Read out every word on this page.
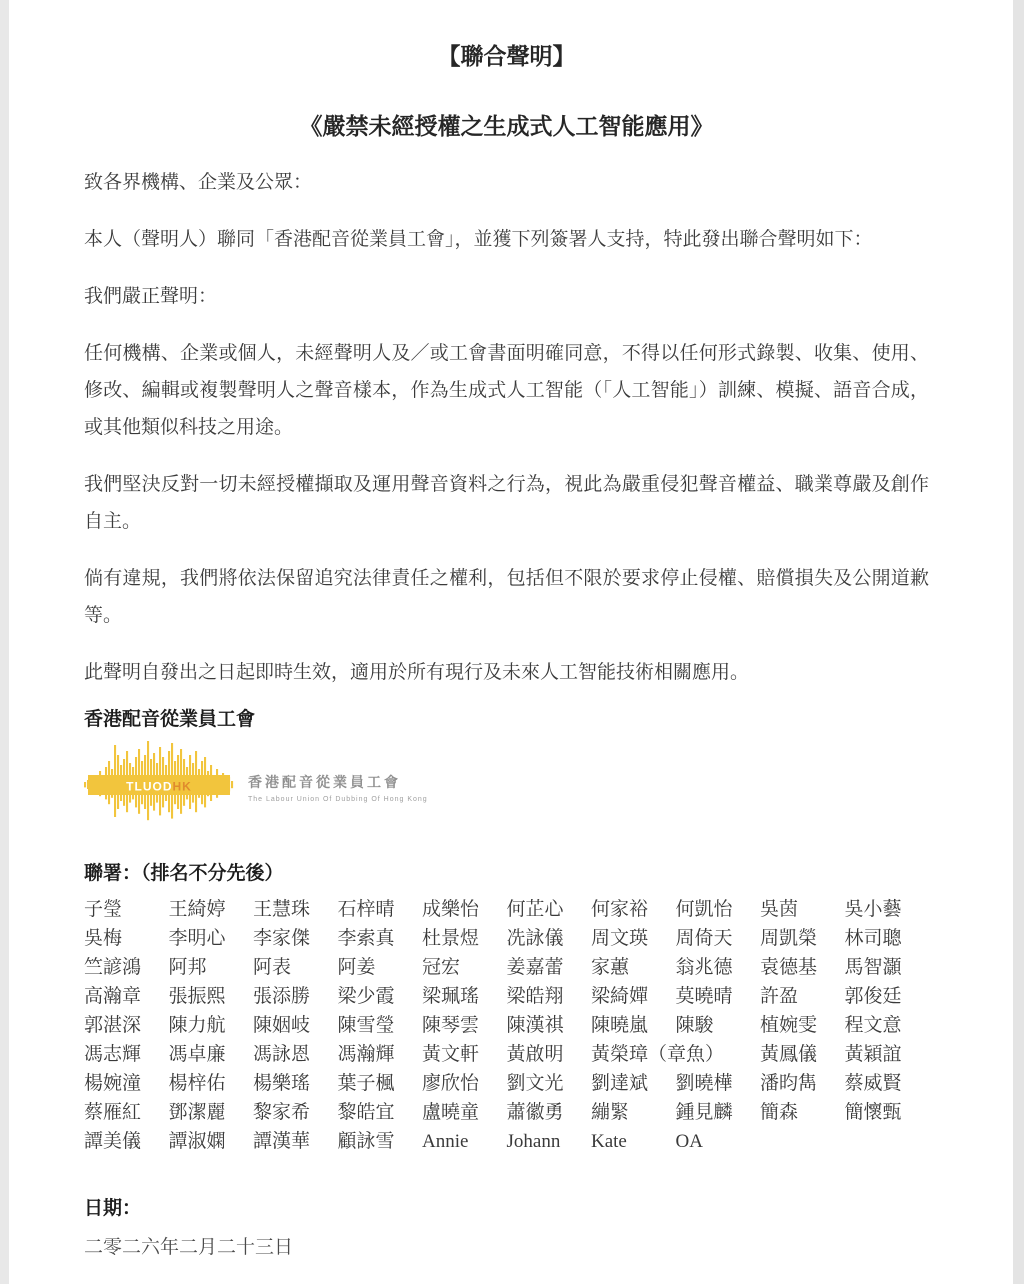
【聯合聲明】
《嚴禁未經授權之生成式人工智能應用》

致各界機構、企業及公眾：

本人（聲明人）聯同「香港配音從業員工會」，並獲下列簽署人支持，特此發出聯合聲明如下：

我們嚴正聲明：

任何機構、企業或個人，未經聲明人及／或工會書面明確同意，不得以任何形式錄製、收集、使用、修改、編輯或複製聲明人之聲音樣本，作為生成式人工智能（「人工智能」）訓練、模擬、語音合成，或其他類似科技之用途。

我們堅決反對一切未經授權擷取及運用聲音資料之行為，視此為嚴重侵犯聲音權益、職業尊嚴及創作自主。

倘有違規，我們將依法保留追究法律責任之權利，包括但不限於要求停止侵權、賠償損失及公開道歉等。

此聲明自發出之日起即時生效，適用於所有現行及未來人工智能技術相關應用。

香港配音從業員工會
TLUODHK	香港配音從業員工會
The Labour Union Of Dubbing Of Hong Kong
聯署：（排名不分先後）
子瑩	王綺婷	王慧珠	石梓晴	成樂怡	何芷心	何家裕	何凱怡	吳茵	吳小藝
吳梅	李明心	李家傑	李索真	杜景煜	冼詠儀	周文瑛	周倚天	周凱榮	林司聰
竺諺鴻	阿邦	阿表	阿姜	冠宏	姜嘉蕾	家蕙	翁兆德	袁德基	馬智灝
高瀚章	張振熙	張添勝	梁少霞	梁珮瑤	梁皓翔	梁綺嬋	莫曉晴	許盈	郭俊廷
郭湛深	陳力航	陳姻岐	陳雪瑩	陳琴雲	陳漢祺	陳曉嵐	陳駿	植婉雯	程文意
馮志輝	馮卓廉	馮詠恩	馮瀚輝	黃文軒	黃啟明	黃榮璋（章魚）	黃鳳儀	黃穎誼
楊婉潼	楊梓佑	楊樂瑤	葉子楓	廖欣怡	劉文光	劉達斌	劉曉樺	潘昀雋	蔡威賢
蔡雁紅	鄧潔麗	黎家希	黎皓宜	盧曉童	蕭徽勇	繃緊	鍾見麟	簡森	簡懷甄
譚美儀	譚淑嫻	譚漢華	顧詠雪	Annie	Johann	Kate	OA
日期：

二零二六年二月二十三日
